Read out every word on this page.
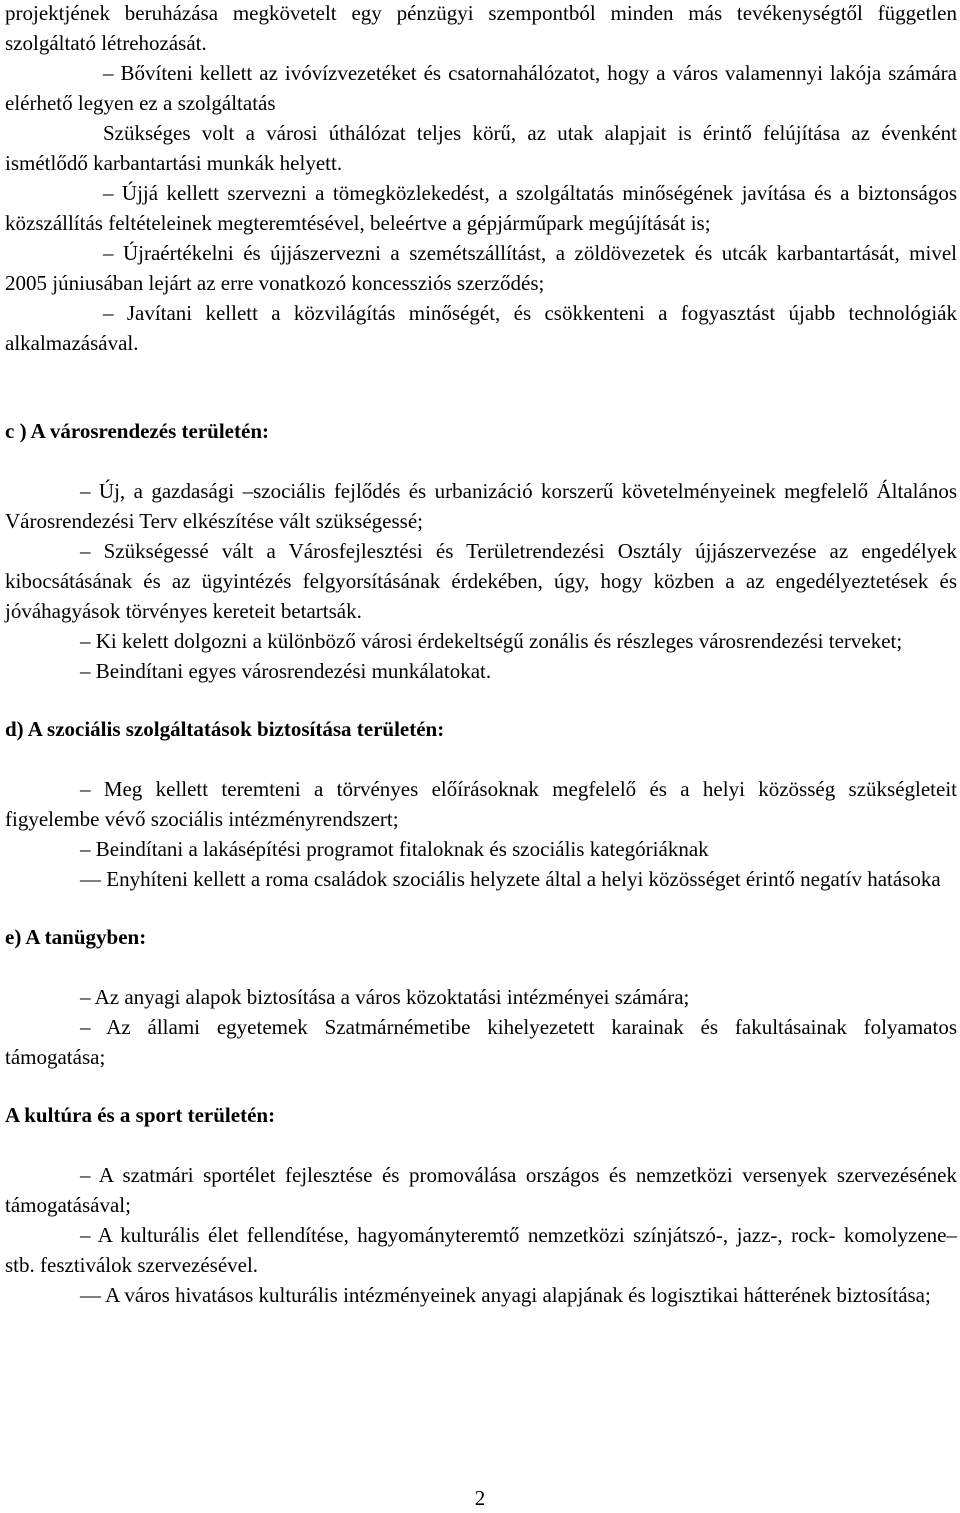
projektjének beruházása megkövetelt egy pénzügyi szempontból minden más tevékenységtől független szolgáltató létrehozását.

– Bővíteni kellett az ivóvízvezetéket és csatornahálózatot, hogy a város valamennyi lakója számára elérhető legyen ez a szolgáltatás

Szükséges volt a városi úthálózat teljes körű, az utak alapjait is érintő felújítása az évenként ismétlődő karbantartási munkák helyett.

– Újjá kellett szervezni a tömegközlekedést, a szolgáltatás minőségének javítása és a biztonságos közszállítás feltételeinek megteremtésével, beleértve a gépjárműpark megújítását is;

– Újraértékelni és újjászervezni a szemétszállítást, a zöldövezetek és utcák karbantartását, mivel 2005 júniusában lejárt az erre vonatkozó koncessziós szerződés;

– Javítani kellett a közvilágítás minőségét, és csökkenteni a fogyasztást újabb technológiák alkalmazásával.

c ) A városrendezés területén:

– Új, a gazdasági –szociális fejlődés és urbanizáció korszerű követelményeinek megfelelő Általános Városrendezési Terv elkészítése vált szükségessé;

– Szükségessé vált a Városfejlesztési és Területrendezési Osztály újjászervezése az engedélyek kibocsátásának és az ügyintézés felgyorsításának érdekében, úgy, hogy közben a az engedélyeztetések és jóváhagyások törvényes kereteit betartsák.

– Ki kelett dolgozni a különböző városi érdekeltségű zonális és részleges városrendezési terveket;

– Beindítani egyes városrendezési munkálatokat.

d) A szociális szolgáltatások biztosítása területén:

– Meg kellett teremteni a törvényes előírásoknak megfelelő és a helyi közösség szükségleteit figyelembe vévő szociális intézményrendszert;

– Beindítani a lakásépítési programot fitaloknak és szociális kategóriáknak

— Enyhíteni kellett a roma családok szociális helyzete által a helyi közösséget érintő negatív hatásoka

e) A tanügyben:

– Az anyagi alapok biztosítása a város közoktatási intézményei számára;

– Az állami egyetemek Szatmárnémetibe kihelyezetett karainak és fakultásainak folyamatos támogatása;

A kultúra és a sport területén:

– A szatmári sportélet fejlesztése és promoválása országos és nemzetközi versenyek szervezésének támogatásával;

– A kulturális élet fellendítése, hagyományteremtő nemzetközi színjátszó-, jazz-, rock- komolyzene– stb. fesztiválok szervezésével.

— A város hivatásos kulturális intézményeinek anyagi alapjának és logisztikai hátterének biztosítása;

2
